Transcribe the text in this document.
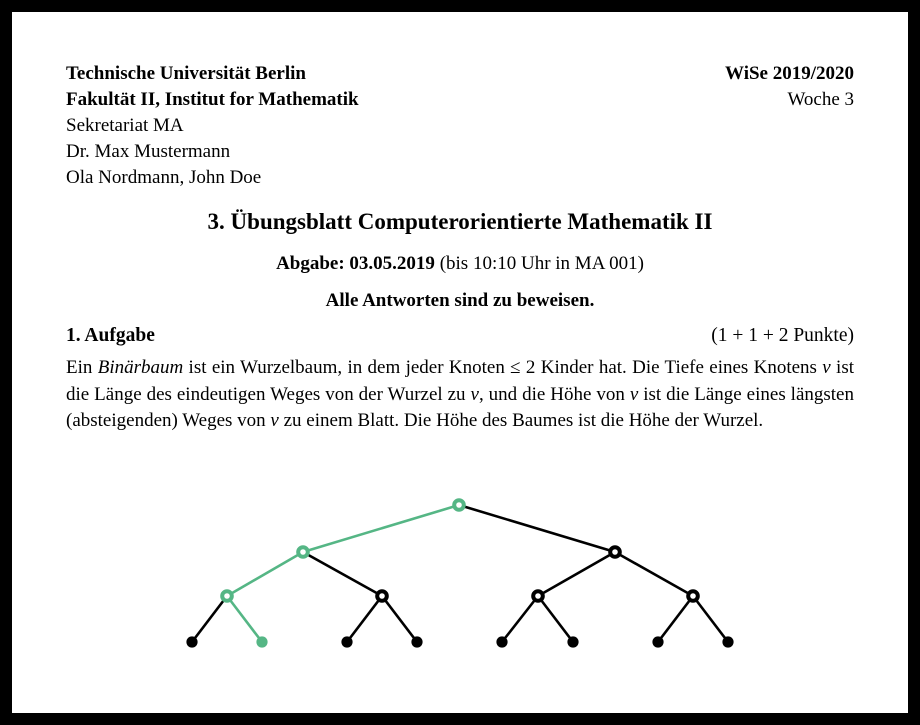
Technische Universität Berlin
Fakultät II, Institut for Mathematik
Sekretariat MA
Dr. Max Mustermann
Ola Nordmann, John Doe
WiSe 2019/2020
Woche 3
3. Übungsblatt Computerorientierte Mathematik II
Abgabe: 03.05.2019 (bis 10:10 Uhr in MA 001)
Alle Antworten sind zu beweisen.
1. Aufgabe	(1 + 1 + 2 Punkte)

Ein Binärbaum ist ein Wurzelbaum, in dem jeder Knoten ≤ 2 Kinder hat. Die Tiefe eines Knotens v ist die Länge des eindeutigen Weges von der Wurzel zu v, und die Höhe von v ist die Länge eines längsten (absteigenden) Weges von v zu einem Blatt. Die Höhe des Baumes ist die Höhe der Wurzel.
